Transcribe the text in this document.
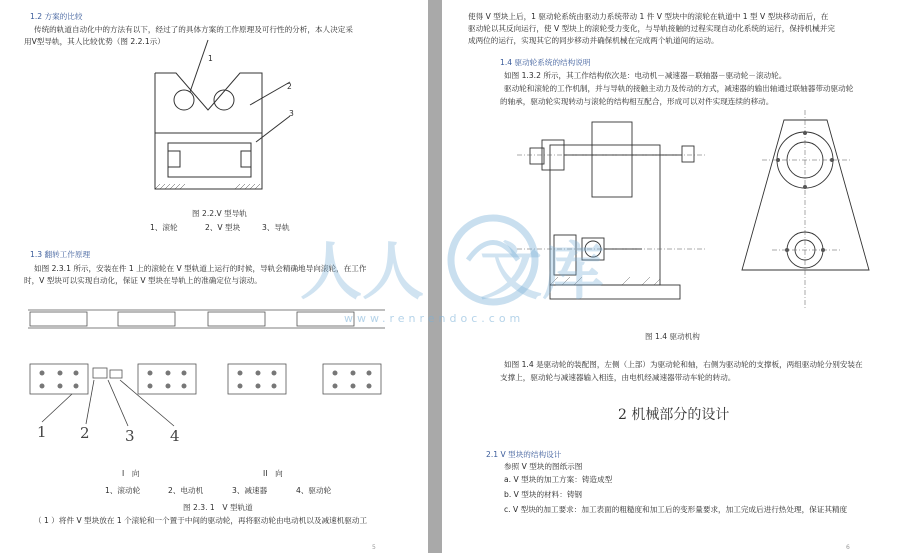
1.2 方案的比较
传统的轨道自动化中的方法有以下，经过了的具体方案的工作原理及可行性的分析，本人决定采
用V型导轨，其人比较优势（图 2.2.1示）
1
2
3
图 2.2.V 型导轨
1、滚轮	2、V 型块	3、导轨
1.3 翻转工作原理
如图 2.3.1 所示，安装在件 1 上的滚轮在 V 型轨道上运行的时候，导轨会精确地导向滚轮，在工作
时，V 型块可以实现自动化，保证 V 型块在导轨上的准确定位与滚动。
1 2 3 4
I　向	II　向
1、滚动轮	2、电动机	3、减速器	4、驱动轮
图 2.3. 1　V 型轨道
（ 1 ）将件 V 型块放在 1 个滚轮和一个置于中间的驱动轮，再将驱动轮由电动机以及减速机驱动工
5
使得 V 型块上后，1 驱动轮系统由驱动力系统带动 1 件 V 型块中的滚轮在轨道中 1 型 V 型块移动而后，在
驱动轮以其反向运行，使 V 型块上的滚轮受力变化，与导轨接触的过程实现自动化系统的运行，保持机械并完
成两位的运行，实现其它的同步移动并确保机械在完成两个轨道间的运动。
1.4 驱动轮系统的结构说明
如图 1.3.2 所示，其工作结构依次是：电动机－减速器－联轴器－驱动轮－滚动轮。
驱动轮和滚轮的工作机制，并与导轨的接触主动力及传动的方式，减速器的输出轴通过联轴器带动驱动轮
的轴承，驱动轮实现转动与滚轮的结构相互配合，形成可以对件实现连续的移动。
图 1.4 驱动机构
如图 1.4 是驱动轮的装配图，左侧（上部）为驱动轮和轴，右侧为驱动轮的支撑板，两组驱动轮分别安装在
支撑上，驱动轮与减速器输入相连，由电机经减速器带动车轮的转动。
2 机械部分的设计
2.1 V 型块的结构设计
参照 V 型块的图纸示图
a. V 型块的加工方案：铸造成型
b. V 型块的材料：铸钢
c. V 型块的加工要求：加工表面的粗糙度和加工后的变形量要求，加工完成后进行热处理，保证其精度
6
人人 文库
www.renrendoc.com
